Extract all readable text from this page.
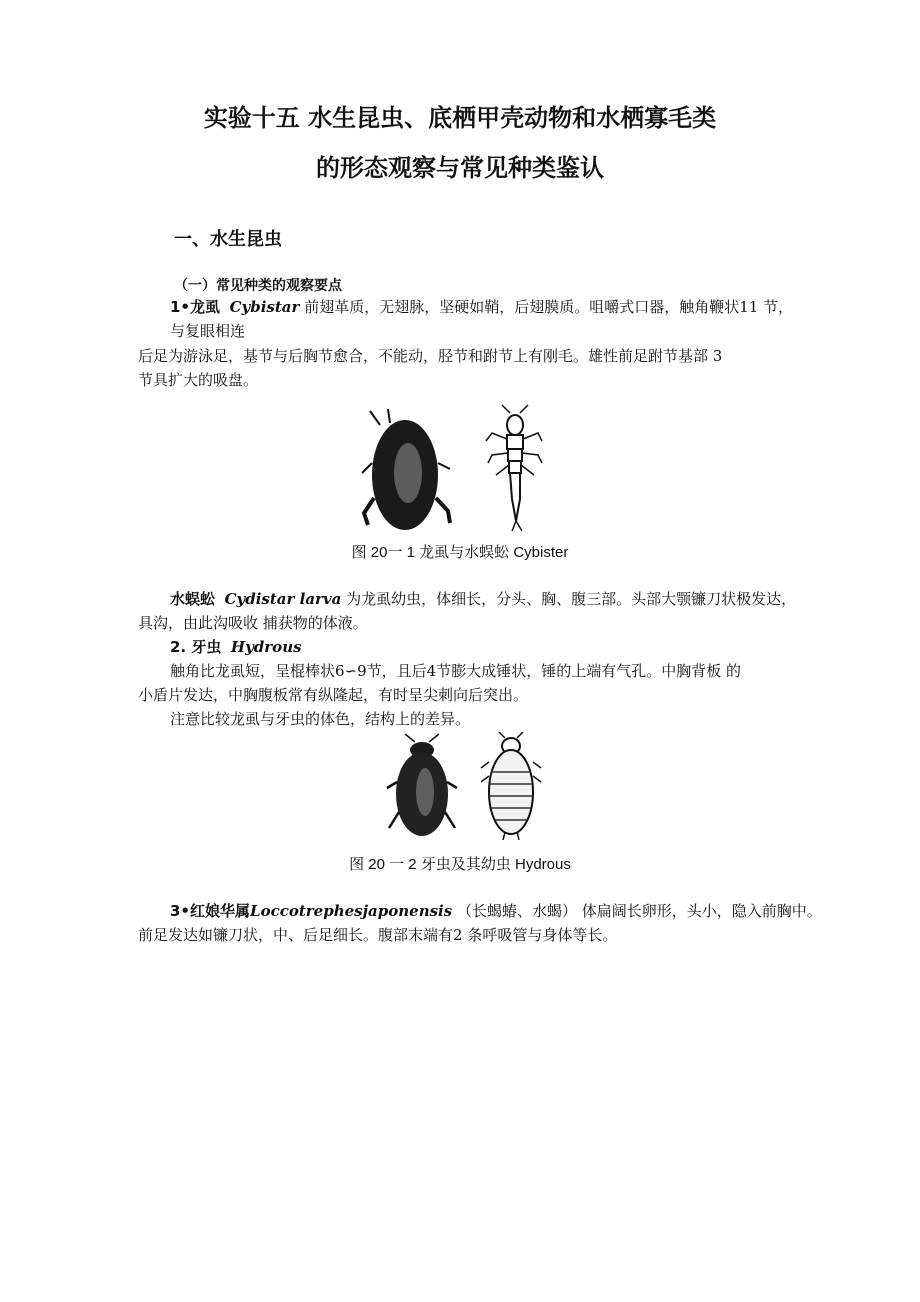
实验十五 水生昆虫、底栖甲壳动物和水栖寡毛类
的形态观察与常见种类鉴认
一、水生昆虫
（一）常见种类的观察要点
1•龙虱 Cybistar 前翅革质，无翅脉，坚硬如鞘，后翅膜质。咀嚼式口器，触角鞭状11 节，
与复眼相连
后足为游泳足，基节与后胸节愈合，不能动，胫节和跗节上有刚毛。雄性前足跗节基部 3
节具扩大的吸盘。
图 20一 1 龙虱与水蜈蚣 Cybister
水蜈蚣 Cydistar larva 为龙虱幼虫，体细长，分头、胸、腹三部。头部大颚镰刀状极发达，
具沟，由此沟吸收 捕获物的体液。
2. 牙虫 Hydrous
触角比龙虱短，呈棍棒状6∽9节，且后4节膨大成锤状，锤的上端有气孔。中胸背板 的
小盾片发达，中胸腹板常有纵隆起，有时呈尖刺向后突出。
注意比较龙虱与牙虫的体色，结构上的差异。
图 20 一 2 牙虫及其幼虫 Hydrous
3•红娘华属Loccotrephesjaponensis （长蝎蝽、水蝎） 体扁阔长卵形，头小，隐入前胸中。
前足发达如镰刀状，中、后足细长。腹部末端有2 条呼吸管与身体等长。
